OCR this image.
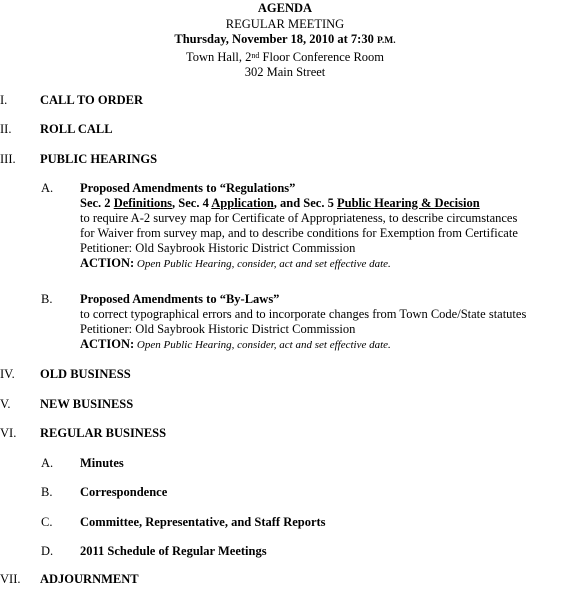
AGENDA
REGULAR MEETING
Thursday, November 18, 2010 at 7:30 P.M.
Town Hall, 2nd Floor Conference Room
302 Main Street
I.	CALL TO ORDER
II.	ROLL CALL
III.	PUBLIC HEARINGS
A. Proposed Amendments to “Regulations”
Sec. 2 Definitions, Sec. 4 Application, and Sec. 5 Public Hearing & Decision
to require A-2 survey map for Certificate of Appropriateness, to describe circumstances
for Waiver from survey map, and to describe conditions for Exemption from Certificate
Petitioner: Old Saybrook Historic District Commission
ACTION: Open Public Hearing, consider, act and set effective date.
B. Proposed Amendments to “By-Laws”
to correct typographical errors and to incorporate changes from Town Code/State statutes
Petitioner: Old Saybrook Historic District Commission
ACTION: Open Public Hearing, consider, act and set effective date.
IV.	OLD BUSINESS
V.	NEW BUSINESS
VI.	REGULAR BUSINESS
A. Minutes
B. Correspondence
C. Committee, Representative, and Staff Reports
D. 2011 Schedule of Regular Meetings
VII.	ADJOURNMENT
